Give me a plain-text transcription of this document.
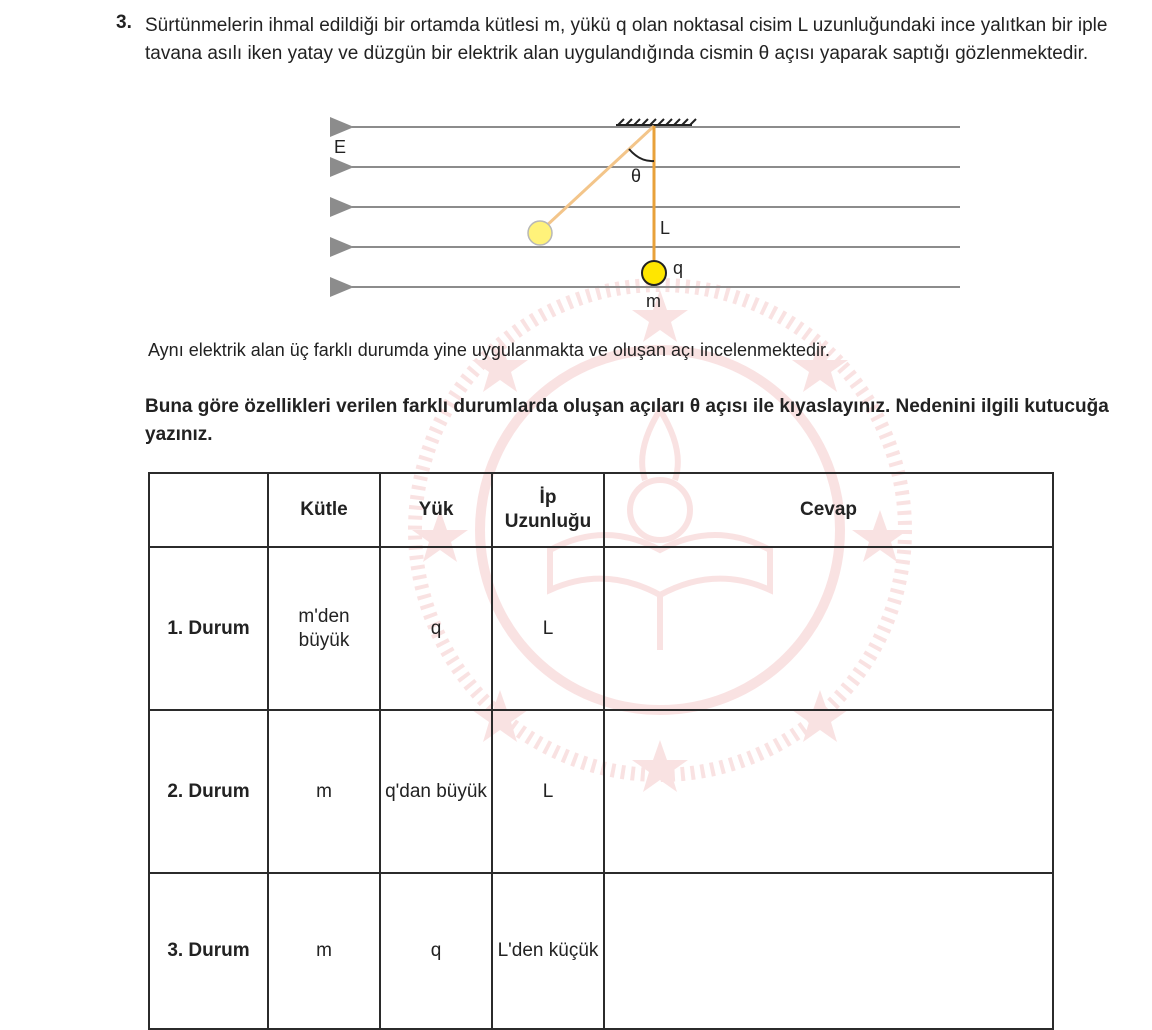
3. Sürtünmelerin ihmal edildiği bir ortamda kütlesi m, yükü q olan noktasal cisim L uzunluğundaki ince yalıtkan bir iple tavana asılı iken yatay ve düzgün bir elektrik alan uygulandığında cismin θ açısı yaparak saptığı gözlenmektedir.
E
θ
L
q
m
Aynı elektrik alan üç farklı durumda yine uygulanmakta ve oluşan açı incelenmektedir.
Buna göre özellikleri verilen farklı durumlarda oluşan açıları θ açısı ile kıyaslayınız. Nedenini ilgili kutucuğa yazınız.
	Kütle	Yük	İp Uzunluğu	Cevap
1. Durum	m'den büyük	q	L	
2. Durum	m	q'dan büyük	L	
3. Durum	m	q	L'den küçük	
